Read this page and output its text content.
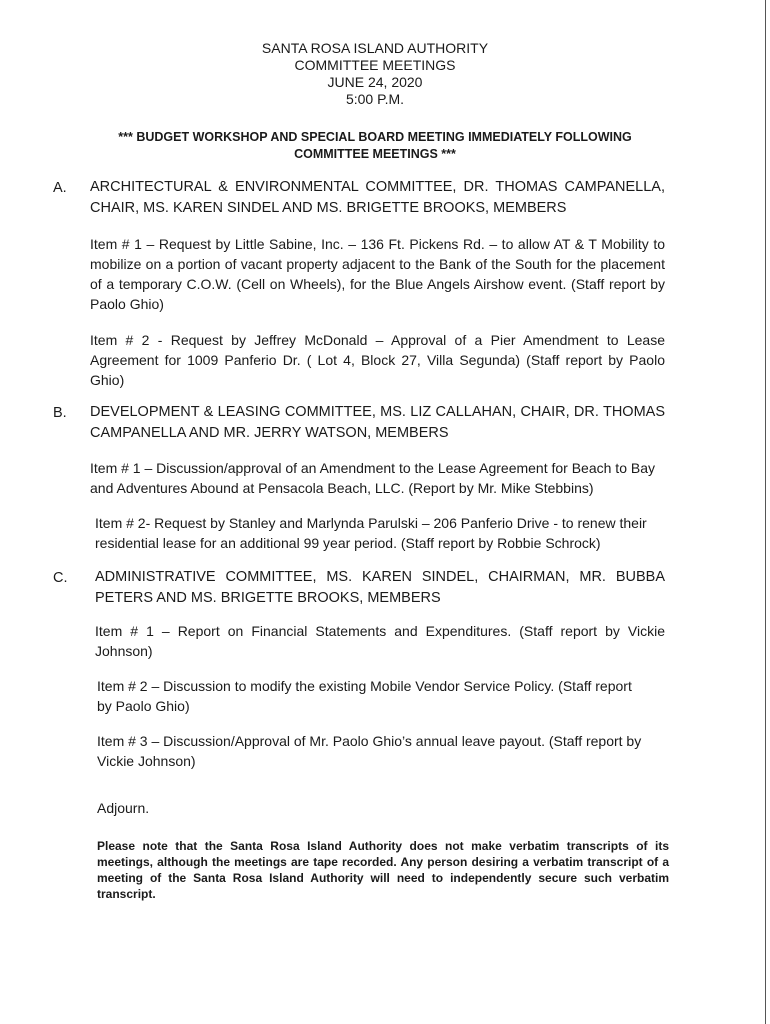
SANTA ROSA ISLAND AUTHORITY
COMMITTEE MEETINGS
JUNE 24, 2020
5:00 P.M.
*** BUDGET WORKSHOP AND SPECIAL BOARD MEETING IMMEDIATELY FOLLOWING COMMITTEE MEETINGS ***
A. ARCHITECTURAL & ENVIRONMENTAL COMMITTEE, DR. THOMAS CAMPANELLA, CHAIR, MS. KAREN SINDEL AND MS. BRIGETTE BROOKS, MEMBERS
Item # 1 – Request by Little Sabine, Inc. – 136 Ft. Pickens Rd. – to allow AT & T Mobility to mobilize on a portion of vacant property adjacent to the Bank of the South for the placement of a temporary C.O.W. (Cell on Wheels), for the Blue Angels Airshow event. (Staff report by Paolo Ghio)
Item # 2 - Request by Jeffrey McDonald – Approval of a Pier Amendment to Lease Agreement for 1009 Panferio Dr. ( Lot 4, Block 27, Villa Segunda) (Staff report by Paolo Ghio)
B. DEVELOPMENT & LEASING COMMITTEE, MS. LIZ CALLAHAN, CHAIR, DR. THOMAS CAMPANELLA AND MR. JERRY WATSON, MEMBERS
Item # 1 – Discussion/approval of an Amendment to the Lease Agreement for Beach to Bay and Adventures Abound at Pensacola Beach, LLC. (Report by Mr. Mike Stebbins)
Item # 2- Request by Stanley and Marlynda Parulski – 206 Panferio Drive - to renew their residential lease for an additional 99 year period. (Staff report by Robbie Schrock)
C. ADMINISTRATIVE COMMITTEE, MS. KAREN SINDEL, CHAIRMAN, MR. BUBBA PETERS AND MS. BRIGETTE BROOKS, MEMBERS
Item # 1 – Report on Financial Statements and Expenditures. (Staff report by Vickie Johnson)
Item # 2 – Discussion to modify the existing Mobile Vendor Service Policy. (Staff report by Paolo Ghio)
Item # 3 – Discussion/Approval of Mr. Paolo Ghio’s annual leave payout. (Staff report by Vickie Johnson)
Adjourn.
Please note that the Santa Rosa Island Authority does not make verbatim transcripts of its meetings, although the meetings are tape recorded. Any person desiring a verbatim transcript of a meeting of the Santa Rosa Island Authority will need to independently secure such verbatim transcript.
